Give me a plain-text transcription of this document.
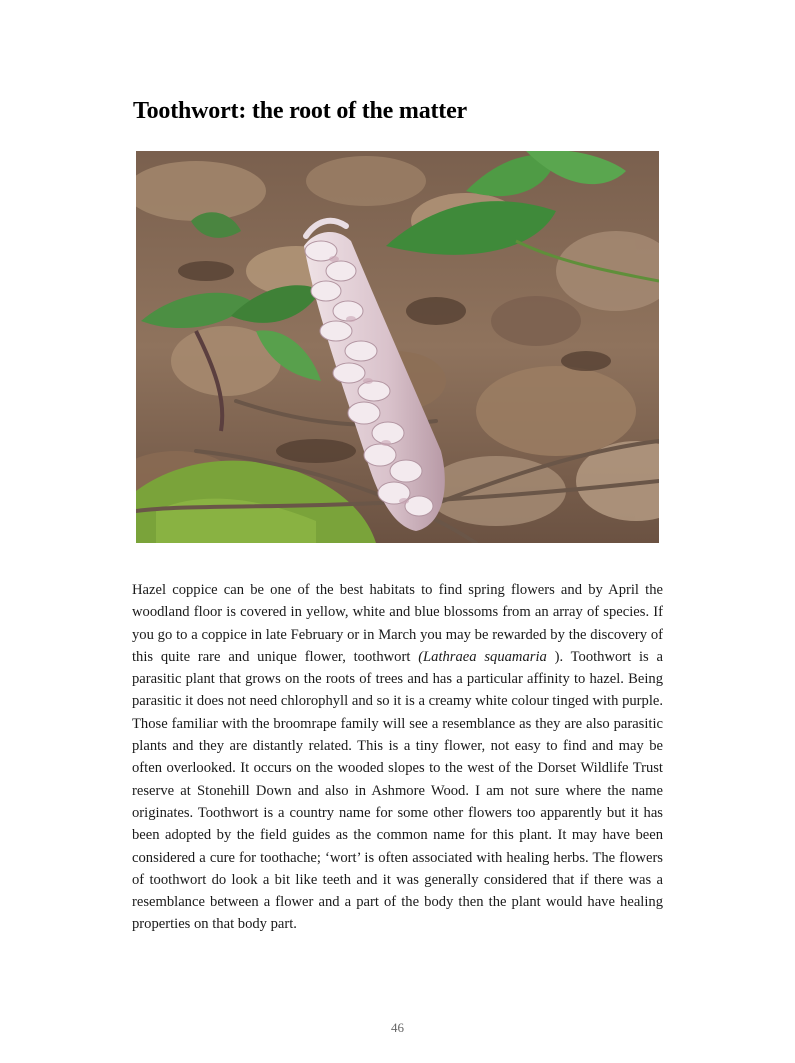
Toothwort: the root of the matter

Hazel coppice can be one of the best habitats to find spring flowers and by April the woodland floor is covered in yellow, white and blue blossoms from an array of species. If you go to a coppice in late February or in March you may be rewarded by the discovery of this quite rare and unique flower, toothwort (Lathraea squamaria ). Toothwort is a parasitic plant that grows on the roots of trees and has a particular affinity to hazel. Being parasitic it does not need chlorophyll and so it is a creamy white colour tinged with purple. Those familiar with the broomrape family will see a resemblance as they are also parasitic plants and they are distantly related. This is a tiny flower, not easy to find and may be often overlooked. It occurs on the wooded slopes to the west of the Dorset Wildlife Trust reserve at Stonehill Down and also in Ashmore Wood. I am not sure where the name originates. Toothwort is a country name for some other flowers too apparently but it has been adopted by the field guides as the common name for this plant. It may have been considered a cure for toothache; ‘wort’ is often associated with healing herbs. The flowers of toothwort do look a bit like teeth and it was generally considered that if there was a resemblance between a flower and a part of the body then the plant would have healing properties on that body part.

46
